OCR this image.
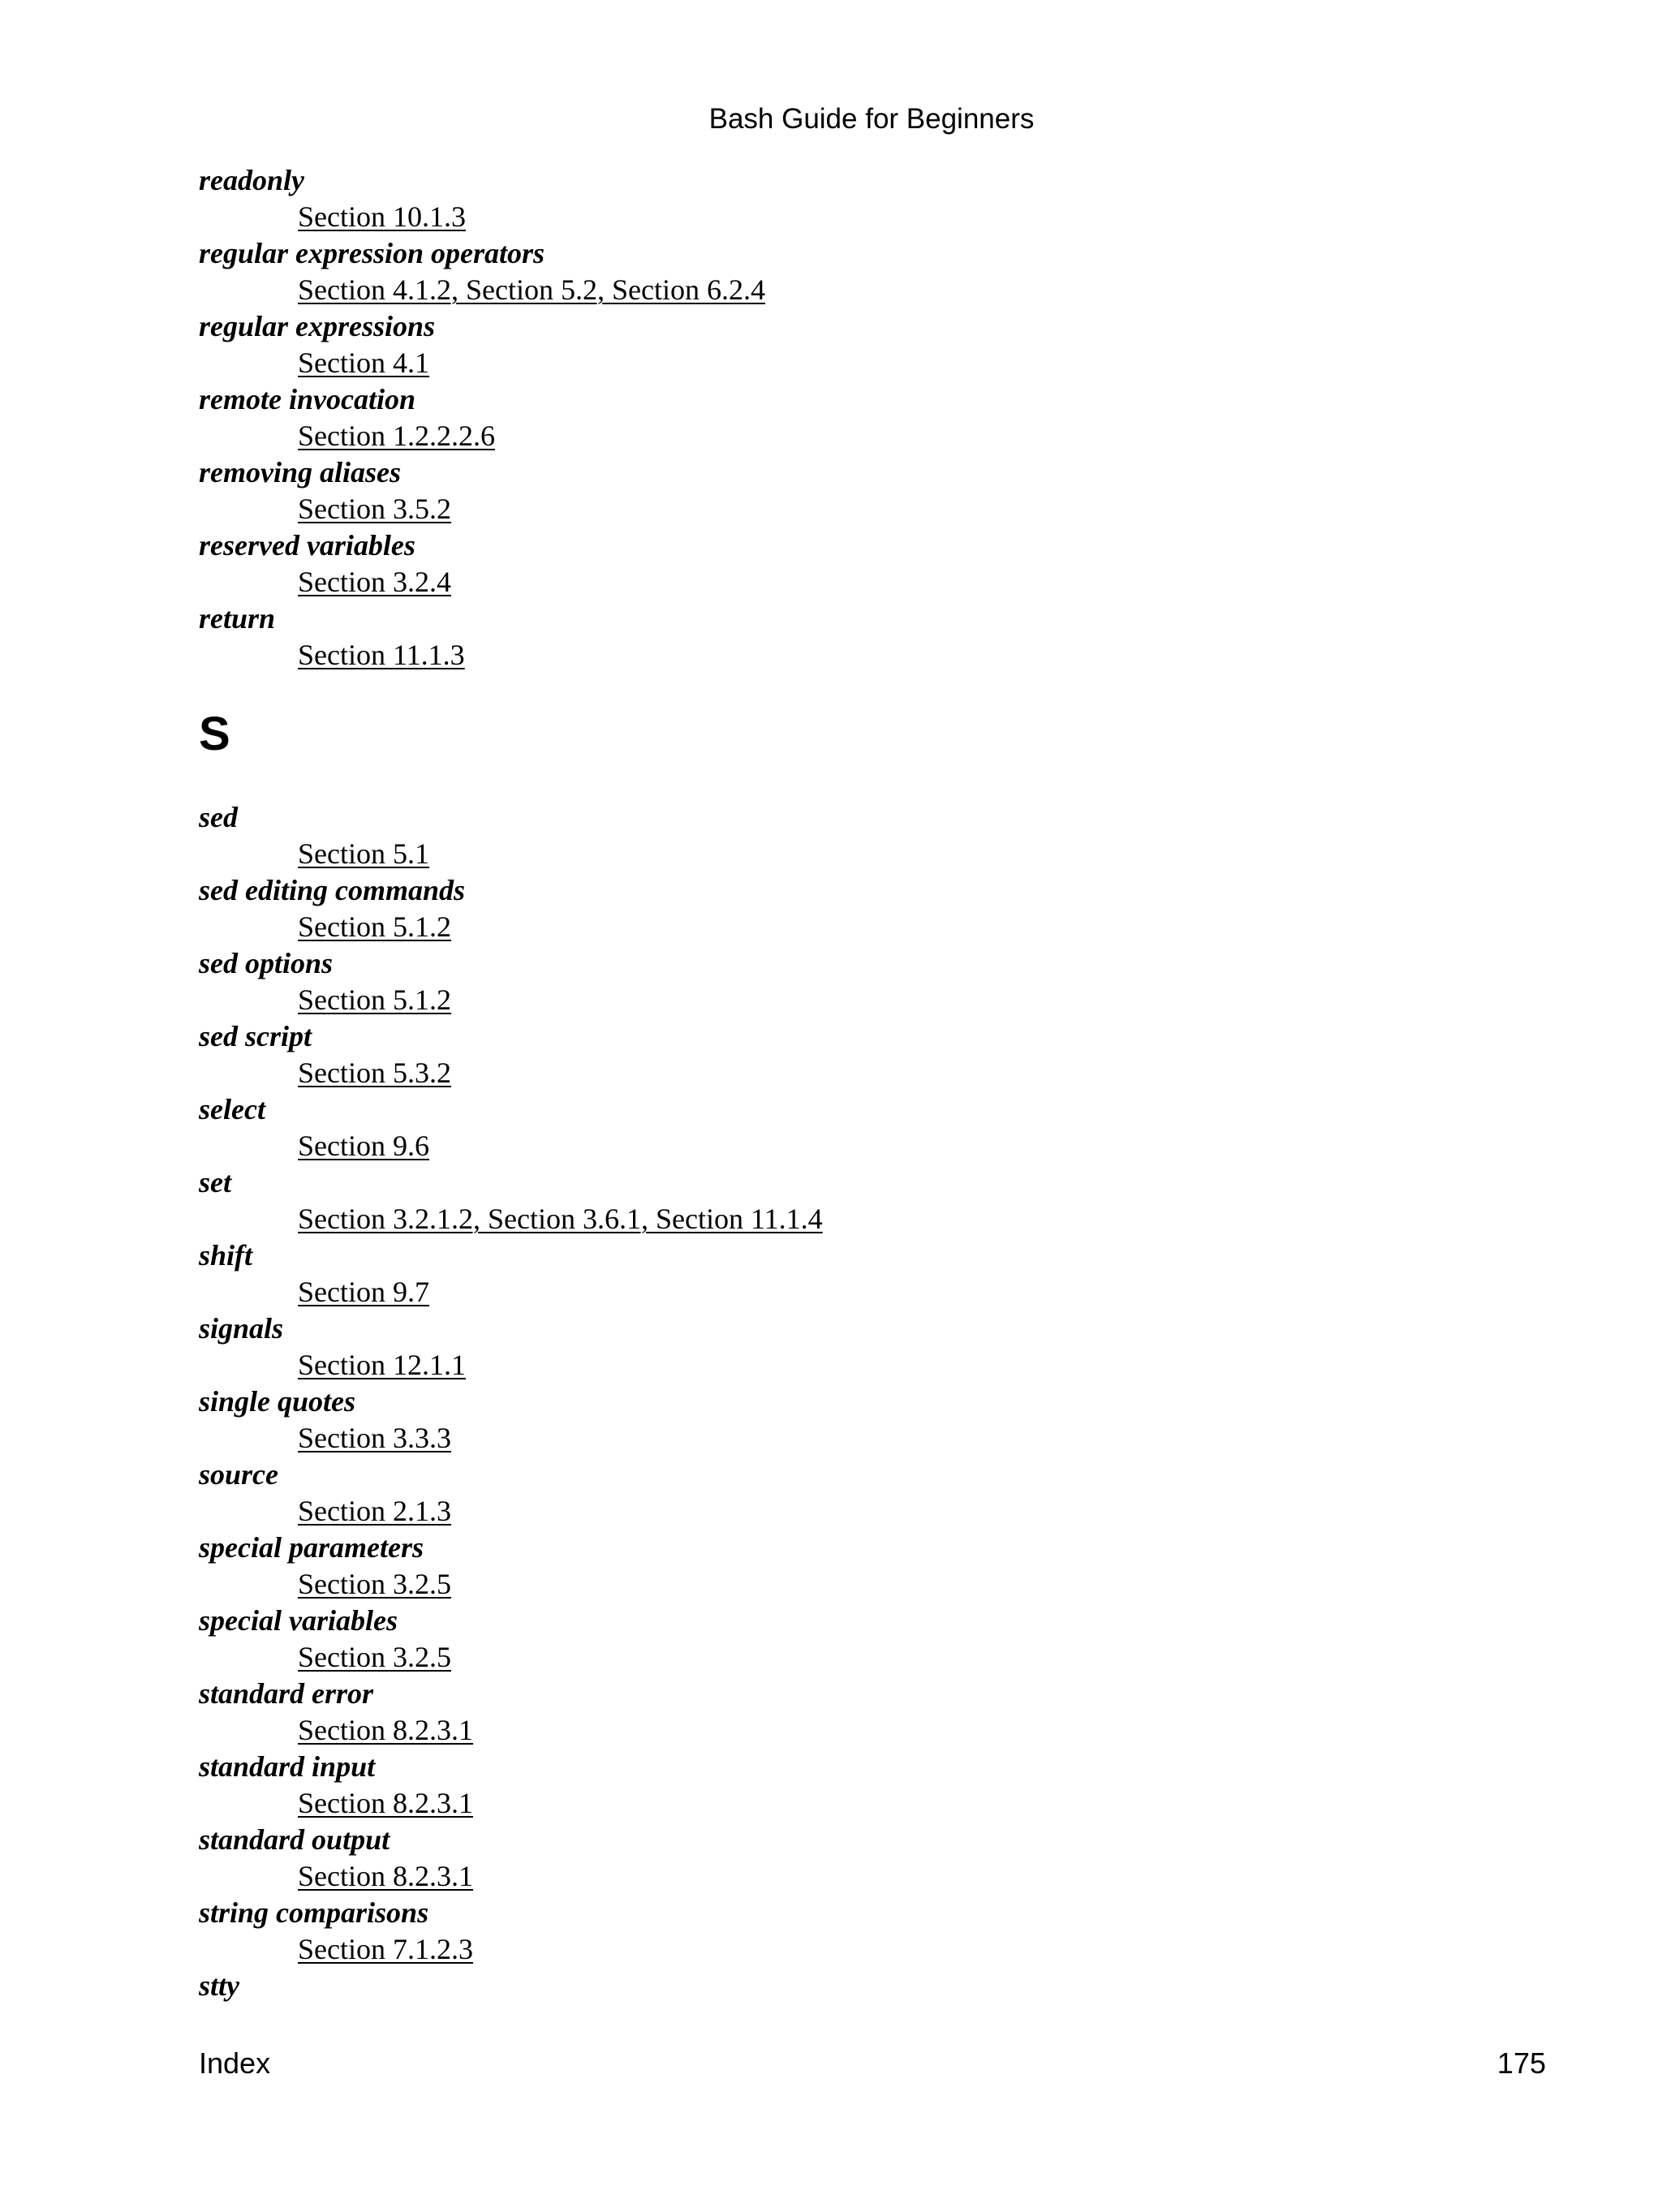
Bash Guide for Beginners
readonly
Section 10.1.3
regular expression operators
Section 4.1.2, Section 5.2, Section 6.2.4
regular expressions
Section 4.1
remote invocation
Section 1.2.2.2.6
removing aliases
Section 3.5.2
reserved variables
Section 3.2.4
return
Section 11.1.3
S
sed
Section 5.1
sed editing commands
Section 5.1.2
sed options
Section 5.1.2
sed script
Section 5.3.2
select
Section 9.6
set
Section 3.2.1.2, Section 3.6.1, Section 11.1.4
shift
Section 9.7
signals
Section 12.1.1
single quotes
Section 3.3.3
source
Section 2.1.3
special parameters
Section 3.2.5
special variables
Section 3.2.5
standard error
Section 8.2.3.1
standard input
Section 8.2.3.1
standard output
Section 8.2.3.1
string comparisons
Section 7.1.2.3
stty
Index	175
